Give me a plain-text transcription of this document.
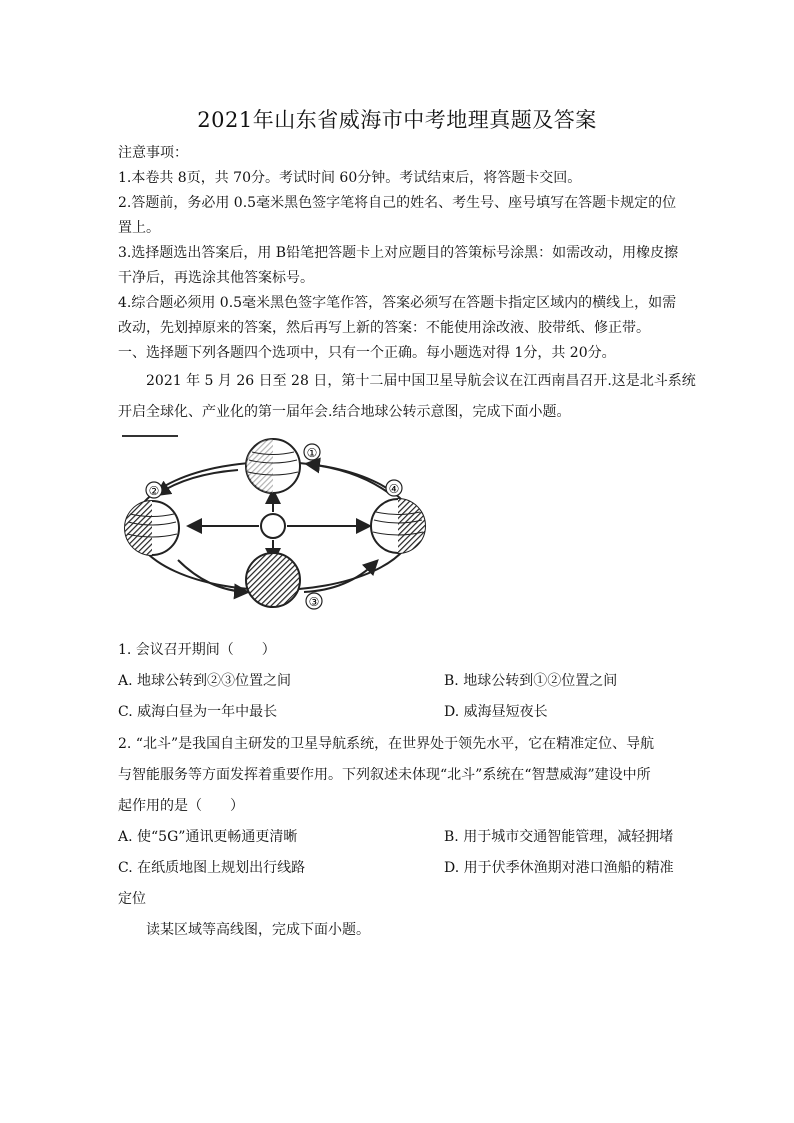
2021年山东省威海市中考地理真题及答案
注意事项：
1.本卷共 8页，共 70分。考试时间 60分钟。考试结束后，将答题卡交回。
2.答题前，务必用 0.5毫米黑色签字笔将自己的姓名、考生号、座号填写在答题卡规定的位
置上。
3.选择题选出答案后，用 B铅笔把答题卡上对应题目的答策标号涂黑：如需改动，用橡皮擦
干净后，再选涂其他答案标号。
4.综合题必须用 0.5毫米黑色签字笔作答，答案必须写在答题卡指定区域内的横线上，如需
改动，先划掉原来的答案，然后再写上新的答案：不能使用涂改液、胶带纸、修正带。
一、选择题下列各题四个选项中，只有一个正确。每小题选对得 1分，共 20分。
2021 年 5 月 26 日至 28 日，第十二届中国卫星导航会议在江西南昌召开.这是北斗系统
开启全球化、产业化的第一届年会.结合地球公转示意图，完成下面小题。
①
②
③
④
1. 会议召开期间（　　）
A. 地球公转到②③位置之间	B. 地球公转到①②位置之间
C. 威海白昼为一年中最长	D. 威海昼短夜长
2. “北斗”是我国自主研发的卫星导航系统，在世界处于领先水平，它在精准定位、导航
与智能服务等方面发挥着重要作用。下列叙述未体现“北斗”系统在“智慧威海”建设中所
起作用的是（　　）
A. 使“5G”通讯更畅通更清晰	B. 用于城市交通智能管理，减轻拥堵
C. 在纸质地图上规划出行线路	D. 用于伏季休渔期对港口渔船的精准
定位
读某区域等高线图，完成下面小题。
